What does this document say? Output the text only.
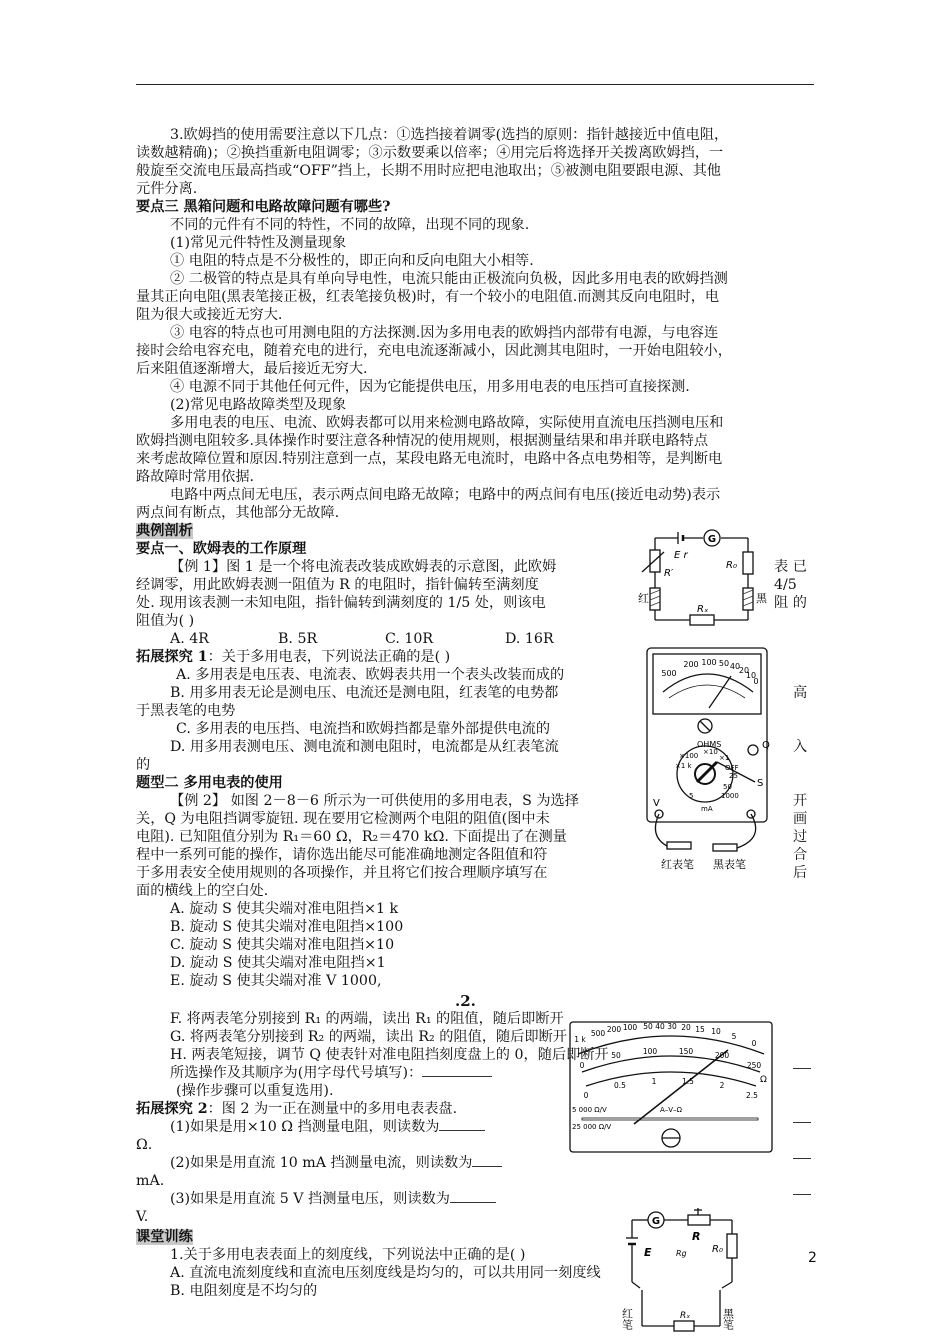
3.欧姆挡的使用需要注意以下几点：①选挡接着调零(选挡的原则：指针越接近中值电阻，
读数越精确)；②换挡重新电阻调零；③示数要乘以倍率；④用完后将选择开关拨离欧姆挡，一
般旋至交流电压最高挡或“OFF”挡上，长期不用时应把电池取出；⑤被测电阻要跟电源、其他
元件分离.
要点三 黑箱问题和电路故障问题有哪些?
不同的元件有不同的特性，不同的故障，出现不同的现象.
(1)常见元件特性及测量现象
① 电阻的特点是不分极性的，即正向和反向电阻大小相等.
② 二极管的特点是具有单向导电性，电流只能由正极流向负极，因此多用电表的欧姆挡测
量其正向电阻(黑表笔接正极，红表笔接负极)时，有一个较小的电阻值.而测其反向电阻时，电
阻为很大或接近无穷大.
③ 电容的特点也可用测电阻的方法探测.因为多用电表的欧姆挡内部带有电源，与电容连
接时会给电容充电，随着充电的进行，充电电流逐渐减小，因此测其电阻时，一开始电阻较小，
后来阻值逐渐增大，最后接近无穷大.
④ 电源不同于其他任何元件，因为它能提供电压，用多用电表的电压挡可直接探测.
(2)常见电路故障类型及现象
多用电表的电压、电流、欧姆表都可以用来检测电路故障，实际使用直流电压挡测电压和
欧姆挡测电阻较多.具体操作时要注意各种情况的使用规则，根据测量结果和串并联电路特点
来考虑故障位置和原因.特别注意到一点，某段电路无电流时，电路中各点电势相等，是判断电
路故障时常用依据.
电路中两点间无电压，表示两点间电路无故障；电路中的两点间有电压(接近电动势)表示
两点间有断点，其他部分无故障.
典例剖析
要点一、欧姆表的工作原理
【例 1】图 1 是一个将电流表改装成欧姆表的示意图，此欧姆	表 已
经调零，用此欧姆表测一阻值为 R 的电阻时，指针偏转至满刻度	4/5
处. 现用该表测一未知电阻，指针偏转到满刻度的 1/5 处，则该电	阻 的
阻值为( )
A. 4R	B. 5R	C. 10R	D. 16R
拓展探究 1：关于多用电表，下列说法正确的是( )
A. 多用表是电压表、电流表、欧姆表共用一个表头改装而成的
B. 用多用表无论是测电压、电流还是测电阻，红表笔的电势都	高
于黑表笔的电势
C. 多用表的电压挡、电流挡和欧姆挡都是靠外部提供电流的
D. 用多用表测电压、测电流和测电阻时，电流都是从红表笔流	入
的
题型二 多用电表的使用
【例 2】 如图 2－8－6 所示为一可供使用的多用电表，S 为选择	开
关，Q 为电阻挡调零旋钮. 现在要用它检测两个电阻的阻值(图中未	画
电阻). 已知阻值分别为 R₁＝60 Ω，R₂＝470 kΩ. 下面提出了在测量	过
程中一系列可能的操作，请你选出能尽可能准确地测定各阻值和符	合
于多用表安全使用规则的各项操作，并且将它们按合理顺序填写在	后
面的横线上的空白处.
A. 旋动 S 使其尖端对准电阻挡×1 k
B. 旋动 S 使其尖端对准电阻挡×100
C. 旋动 S 使其尖端对准电阻挡×10
D. 旋动 S 使其尖端对准电阻挡×1
E. 旋动 S 使其尖端对准 V 1000,
.2.
F. 将两表笔分别接到 R₁ 的两端，读出 R₁ 的阻值，随后即断开
G. 将两表笔分别接到 R₂ 的两端，读出 R₂ 的阻值，随后即断开
H. 两表笔短接，调节 Q 使表针对准电阻挡刻度盘上的 0，随后即断开
所选操作及其顺序为(用字母代号填写)：
(操作步骤可以重复选用).
拓展探究 2：图 2 为一正在测量中的多用电表表盘.
(1)如果是用×10 Ω 挡测量电阻，则读数为
Ω.
(2)如果是用直流 10 mA 挡测量电流，则读数为
mA.
(3)如果是用直流 5 V 挡测量电压，则读数为
V.
课堂训练
1.关于多用电表表面上的刻度线，下列说法中正确的是( )
A. 直流电流刻度线和直流电压刻度线是均匀的，可以共用同一刻度线
B. 电阻刻度是不均匀的
G
E r
R′
R₀
红	黑
Rₓ
500
200 100 50 40
20
10
0
OHMS	Q
S
×100 ×10
×1 k
×1
OFF
25
50
5	1000
mA
V
红表笔 黑表笔
1 k
500 200 100 50 40 30 20 15 10
5
0
0
50	100	150	200
250
0
0.5	1	1.5	2
2.5
Ω
5 000 Ω/V
25 000 Ω/V
A–V–Ω
G
R
Rg
E	R₀
红笔	黑笔
Rₓ
2
